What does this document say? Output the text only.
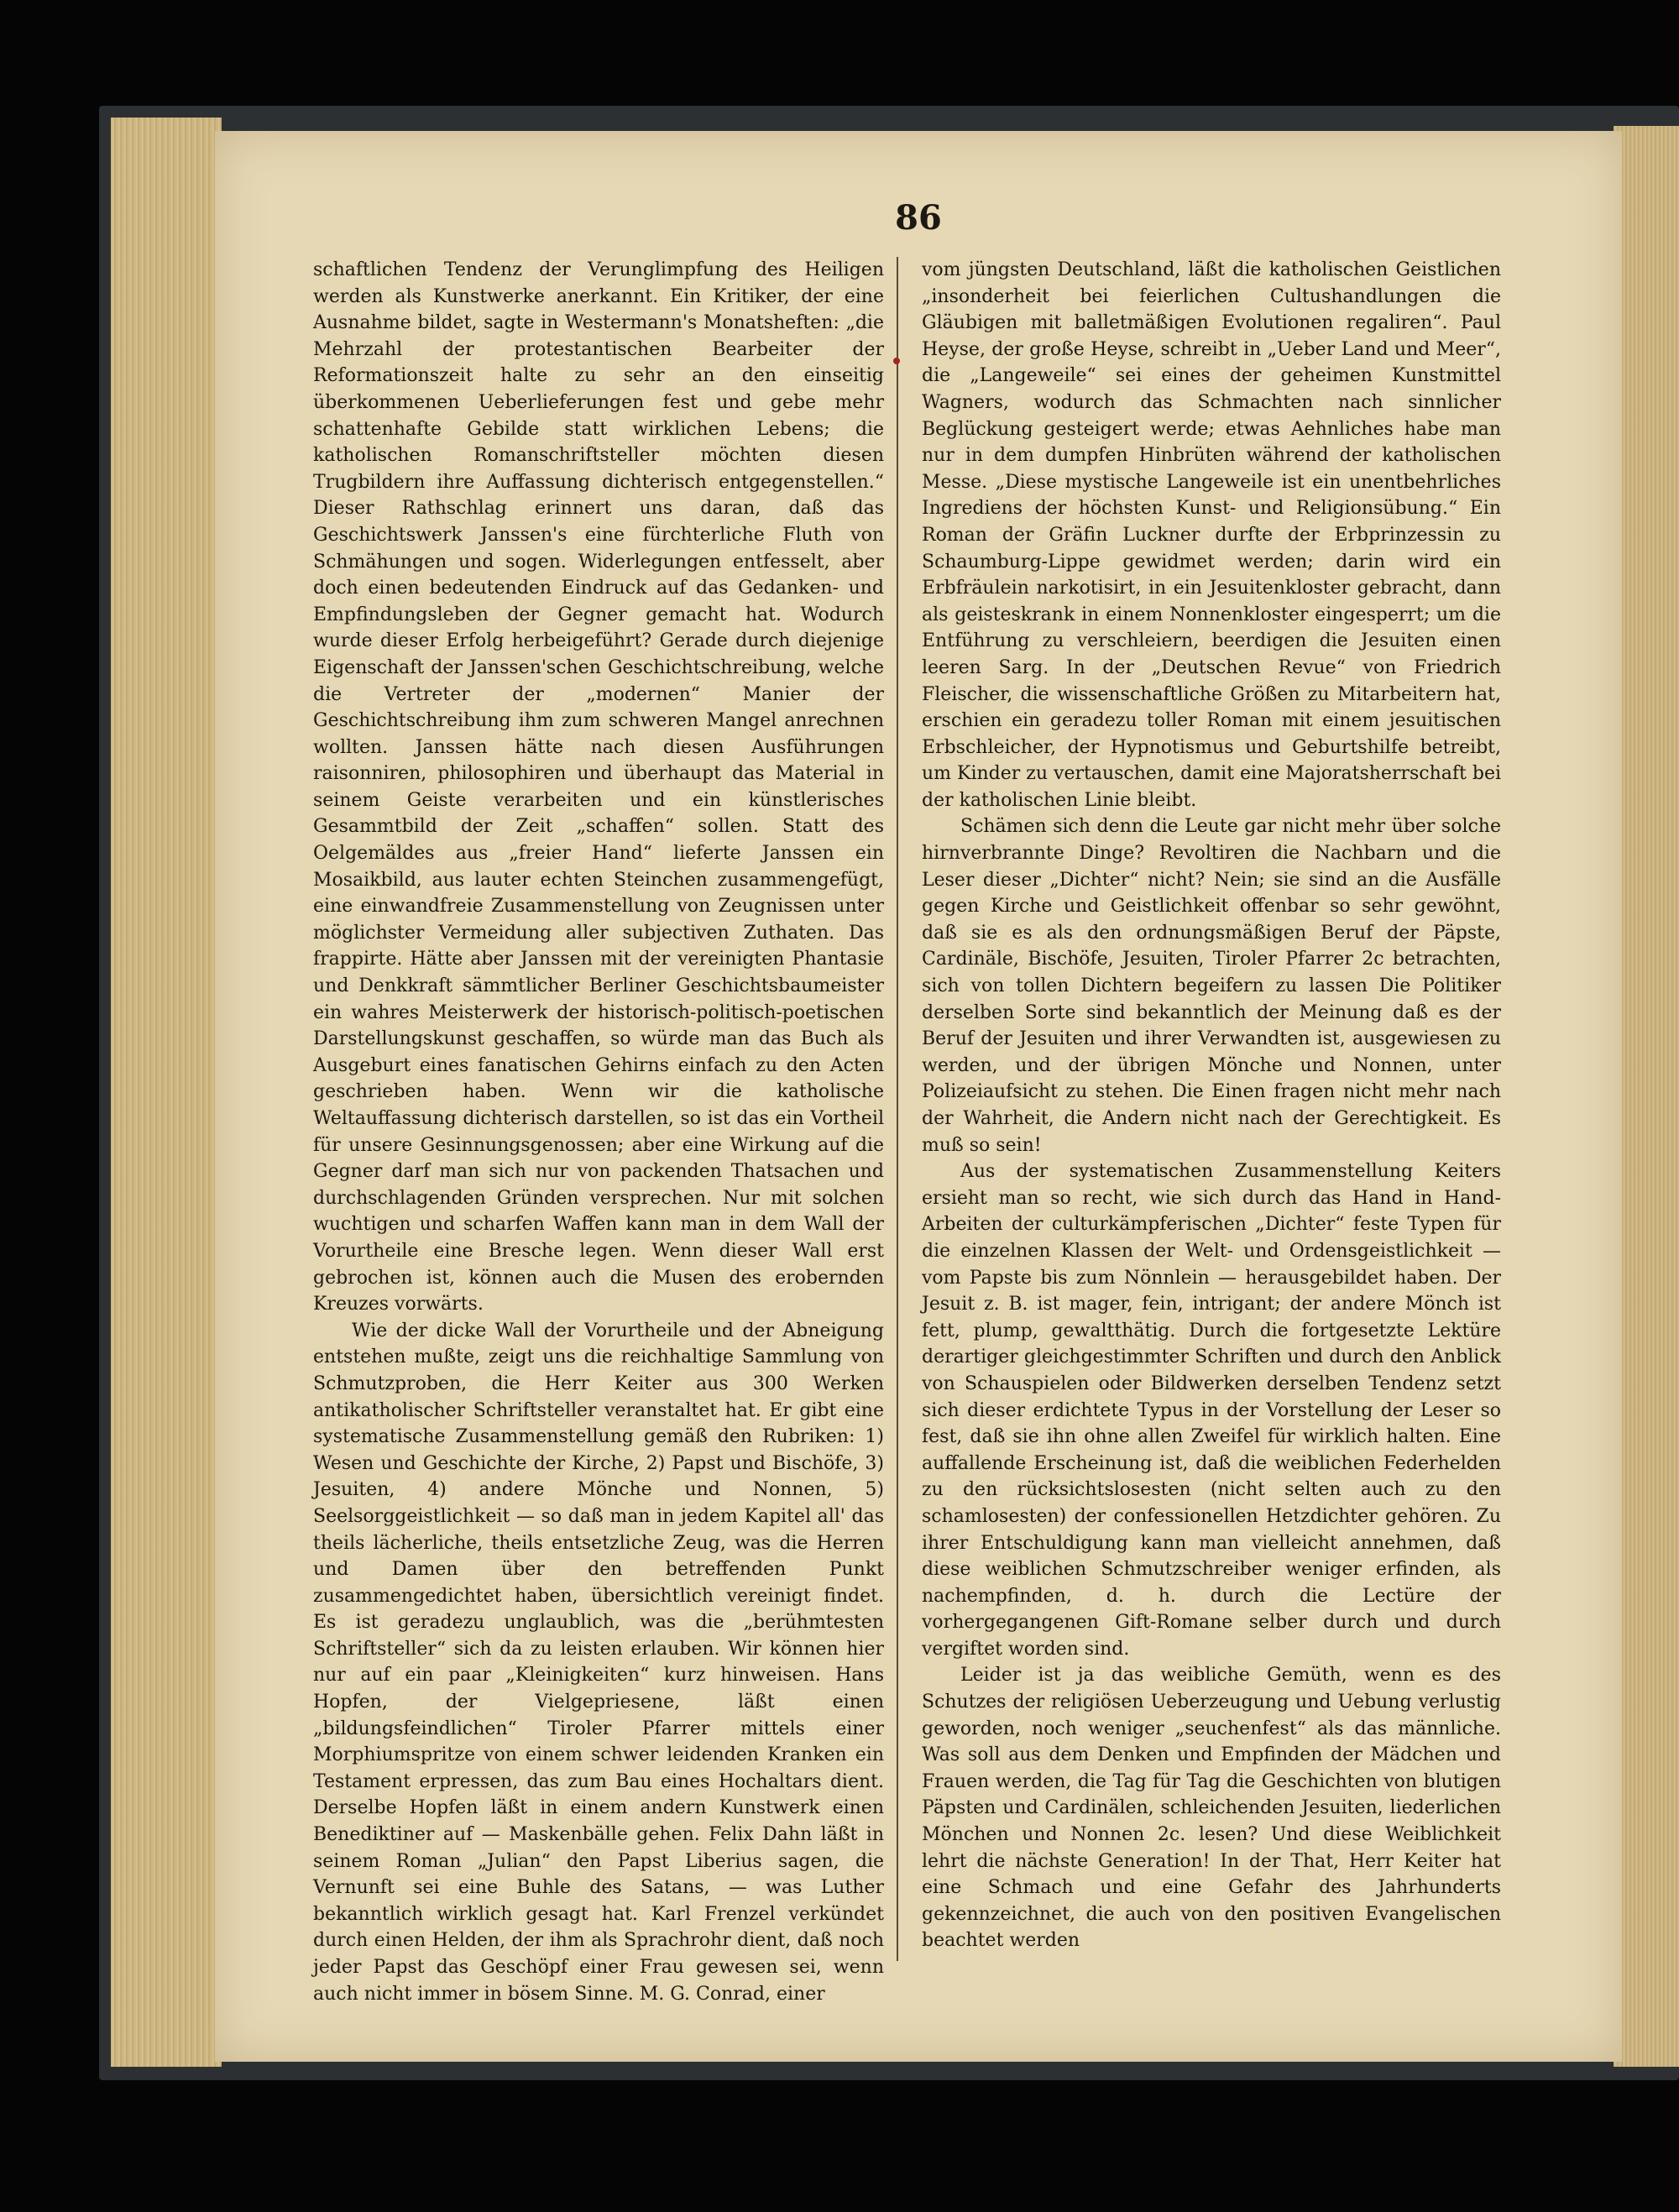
86

schaftlichen Tendenz der Verunglimpfung des Heiligen werden als Kunstwerke anerkannt. Ein Kritiker, der eine Ausnahme bildet, sagte in Westermann's Monatsheften: „die Mehrzahl der protestantischen Bearbeiter der Reformationszeit halte zu sehr an den einseitig überkommenen Ueberlieferungen fest und gebe mehr schattenhafte Gebilde statt wirklichen Lebens; die katholischen Romanschriftsteller möchten diesen Trugbildern ihre Auffassung dichterisch entgegenstellen.“ Dieser Rathschlag erinnert uns daran, daß das Geschichtswerk Janssen's eine fürchterliche Fluth von Schmähungen und sogen. Widerlegungen entfesselt, aber doch einen bedeutenden Eindruck auf das Gedanken- und Empfindungsleben der Gegner gemacht hat. Wodurch wurde dieser Erfolg herbeigeführt? Gerade durch diejenige Eigenschaft der Janssen'schen Geschichtschreibung, welche die Vertreter der „modernen“ Manier der Geschichtschreibung ihm zum schweren Mangel anrechnen wollten. Janssen hätte nach diesen Ausführungen raisonniren, philosophiren und überhaupt das Material in seinem Geiste verarbeiten und ein künstlerisches Gesammtbild der Zeit „schaffen“ sollen. Statt des Oelgemäldes aus „freier Hand“ lieferte Janssen ein Mosaikbild, aus lauter echten Steinchen zusammengefügt, eine einwandfreie Zusammenstellung von Zeugnissen unter möglichster Vermeidung aller subjectiven Zuthaten. Das frappirte. Hätte aber Janssen mit der vereinigten Phantasie und Denkkraft sämmtlicher Berliner Geschichtsbaumeister ein wahres Meisterwerk der historisch-politisch-poetischen Darstellungskunst geschaffen, so würde man das Buch als Ausgeburt eines fanatischen Gehirns einfach zu den Acten geschrieben haben. Wenn wir die katholische Weltauffassung dichterisch darstellen, so ist das ein Vortheil für unsere Gesinnungsgenossen; aber eine Wirkung auf die Gegner darf man sich nur von packenden Thatsachen und durchschlagenden Gründen versprechen. Nur mit solchen wuchtigen und scharfen Waffen kann man in dem Wall der Vorurtheile eine Bresche legen. Wenn dieser Wall erst gebrochen ist, können auch die Musen des erobernden Kreuzes vorwärts.

Wie der dicke Wall der Vorurtheile und der Abneigung entstehen mußte, zeigt uns die reichhaltige Sammlung von Schmutzproben, die Herr Keiter aus 300 Werken antikatholischer Schriftsteller veranstaltet hat. Er gibt eine systematische Zusammenstellung gemäß den Rubriken: 1) Wesen und Geschichte der Kirche, 2) Papst und Bischöfe, 3) Jesuiten, 4) andere Mönche und Nonnen, 5) Seelsorggeistlichkeit — so daß man in jedem Kapitel all' das theils lächerliche, theils entsetzliche Zeug, was die Herren und Damen über den betreffenden Punkt zusammengedichtet haben, übersichtlich vereinigt findet. Es ist geradezu unglaublich, was die „berühmtesten Schriftsteller“ sich da zu leisten erlauben. Wir können hier nur auf ein paar „Kleinigkeiten“ kurz hinweisen. Hans Hopfen, der Vielgepriesene, läßt einen „bildungsfeindlichen“ Tiroler Pfarrer mittels einer Morphiumspritze von einem schwer leidenden Kranken ein Testament erpressen, das zum Bau eines Hochaltars dient. Derselbe Hopfen läßt in einem andern Kunstwerk einen Benediktiner auf — Maskenbälle gehen. Felix Dahn läßt in seinem Roman „Julian“ den Papst Liberius sagen, die Vernunft sei eine Buhle des Satans, — was Luther bekanntlich wirklich gesagt hat. Karl Frenzel verkündet durch einen Helden, der ihm als Sprachrohr dient, daß noch jeder Papst das Geschöpf einer Frau gewesen sei, wenn auch nicht immer in bösem Sinne. M. G. Conrad, einer

vom jüngsten Deutschland, läßt die katholischen Geistlichen „insonderheit bei feierlichen Cultushandlungen die Gläubigen mit balletmäßigen Evolutionen regaliren“. Paul Heyse, der große Heyse, schreibt in „Ueber Land und Meer“, die „Langeweile“ sei eines der geheimen Kunstmittel Wagners, wodurch das Schmachten nach sinnlicher Beglückung gesteigert werde; etwas Aehnliches habe man nur in dem dumpfen Hinbrüten während der katholischen Messe. „Diese mystische Langeweile ist ein unentbehrliches Ingrediens der höchsten Kunst- und Religionsübung.“ Ein Roman der Gräfin Luckner durfte der Erbprinzessin zu Schaumburg-Lippe gewidmet werden; darin wird ein Erbfräulein narkotisirt, in ein Jesuitenkloster gebracht, dann als geisteskrank in einem Nonnenkloster eingesperrt; um die Entführung zu verschleiern, beerdigen die Jesuiten einen leeren Sarg. In der „Deutschen Revue“ von Friedrich Fleischer, die wissenschaftliche Größen zu Mitarbeitern hat, erschien ein geradezu toller Roman mit einem jesuitischen Erbschleicher, der Hypnotismus und Geburtshilfe betreibt, um Kinder zu vertauschen, damit eine Majoratsherrschaft bei der katholischen Linie bleibt.

Schämen sich denn die Leute gar nicht mehr über solche hirnverbrannte Dinge? Revoltiren die Nachbarn und die Leser dieser „Dichter“ nicht? Nein; sie sind an die Ausfälle gegen Kirche und Geistlichkeit offenbar so sehr gewöhnt, daß sie es als den ordnungsmäßigen Beruf der Päpste, Cardinäle, Bischöfe, Jesuiten, Tiroler Pfarrer 2c betrachten, sich von tollen Dichtern begeifern zu lassen Die Politiker derselben Sorte sind bekanntlich der Meinung daß es der Beruf der Jesuiten und ihrer Verwandten ist, ausgewiesen zu werden, und der übrigen Mönche und Nonnen, unter Polizeiaufsicht zu stehen. Die Einen fragen nicht mehr nach der Wahrheit, die Andern nicht nach der Gerechtigkeit. Es muß so sein!

Aus der systematischen Zusammenstellung Keiters ersieht man so recht, wie sich durch das Hand in Hand-Arbeiten der culturkämpferischen „Dichter“ feste Typen für die einzelnen Klassen der Welt- und Ordensgeistlichkeit — vom Papste bis zum Nönnlein — herausgebildet haben. Der Jesuit z. B. ist mager, fein, intrigant; der andere Mönch ist fett, plump, gewaltthätig. Durch die fortgesetzte Lektüre derartiger gleichgestimmter Schriften und durch den Anblick von Schauspielen oder Bildwerken derselben Tendenz setzt sich dieser erdichtete Typus in der Vorstellung der Leser so fest, daß sie ihn ohne allen Zweifel für wirklich halten. Eine auffallende Erscheinung ist, daß die weiblichen Federhelden zu den rücksichtslosesten (nicht selten auch zu den schamlosesten) der confessionellen Hetzdichter gehören. Zu ihrer Entschuldigung kann man vielleicht annehmen, daß diese weiblichen Schmutzschreiber weniger erfinden, als nachempfinden, d. h. durch die Lectüre der vorhergegangenen Gift-Romane selber durch und durch vergiftet worden sind.

Leider ist ja das weibliche Gemüth, wenn es des Schutzes der religiösen Ueberzeugung und Uebung verlustig geworden, noch weniger „seuchenfest“ als das männliche. Was soll aus dem Denken und Empfinden der Mädchen und Frauen werden, die Tag für Tag die Geschichten von blutigen Päpsten und Cardinälen, schleichenden Jesuiten, liederlichen Mönchen und Nonnen 2c. lesen? Und diese Weiblichkeit lehrt die nächste Generation! In der That, Herr Keiter hat eine Schmach und eine Gefahr des Jahrhunderts gekennzeichnet, die auch von den positiven Evangelischen beachtet werden
